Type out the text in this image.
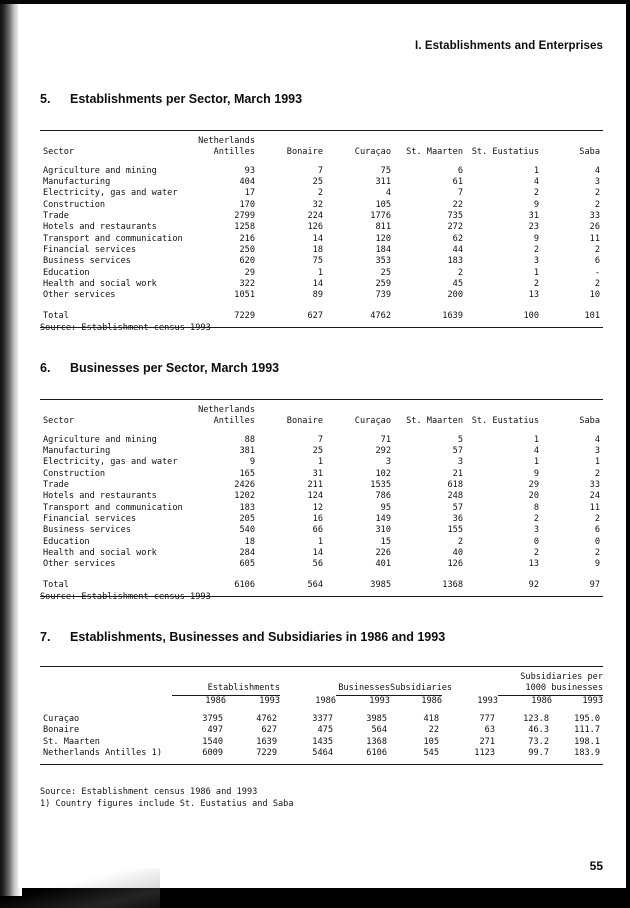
I. Establishments and Enterprises
5. Establishments per Sector, March 1993
	Netherlands					
Sector	Antilles	Bonaire	Curaçao	St. Maarten	St. Eustatius	Saba
Agriculture and mining	93	7	75	6	1	4
Manufacturing	404	25	311	61	4	3
Electricity, gas and water	17	2	4	7	2	2
Construction	170	32	105	22	9	2
Trade	2799	224	1776	735	31	33
Hotels and restaurants	1258	126	811	272	23	26
Transport and communication	216	14	120	62	9	11
Financial services	250	18	184	44	2	2
Business services	620	75	353	183	3	6
Education	29	1	25	2	1	-
Health and social work	322	14	259	45	2	2
Other services	1051	89	739	200	13	10
Total	7229	627	4762	1639	100	101

Source: Establishment census 1993
6. Businesses per Sector, March 1993
	Netherlands					
Sector	Antilles	Bonaire	Curaçao	St. Maarten	St. Eustatius	Saba
Agriculture and mining	88	7	71	5	1	4
Manufacturing	381	25	292	57	4	3
Electricity, gas and water	9	1	3	3	1	1
Construction	165	31	102	21	9	2
Trade	2426	211	1535	618	29	33
Hotels and restaurants	1202	124	786	248	20	24
Transport and communication	183	12	95	57	8	11
Financial services	205	16	149	36	2	2
Business services	540	66	310	155	3	6
Education	18	1	15	2	0	0
Health and social work	284	14	226	40	2	2
Other services	605	56	401	126	13	9
Total	6106	564	3985	1368	92	97

Source: Establishment census 1993
7. Establishments, Businesses and Subsidiaries in 1986 and 1993
	Establishments			Businesses	Subsidiaries		Subsidiaries per
1000 businesses	
	1986	1993	1986	1993	1986	1993	1986	1993
Curaçao	3795	4762	3377	3985	418	777	123.8	195.0
Bonaire	497	627	475	564	22	63	46.3	111.7
St. Maarten	1540	1639	1435	1368	105	271	73.2	198.1
Netherlands Antilles 1)	6009	7229	5464	6106	545	1123	99.7	183.9

Source: Establishment census 1986 and 1993
1) Country figures include St. Eustatius and Saba
55
